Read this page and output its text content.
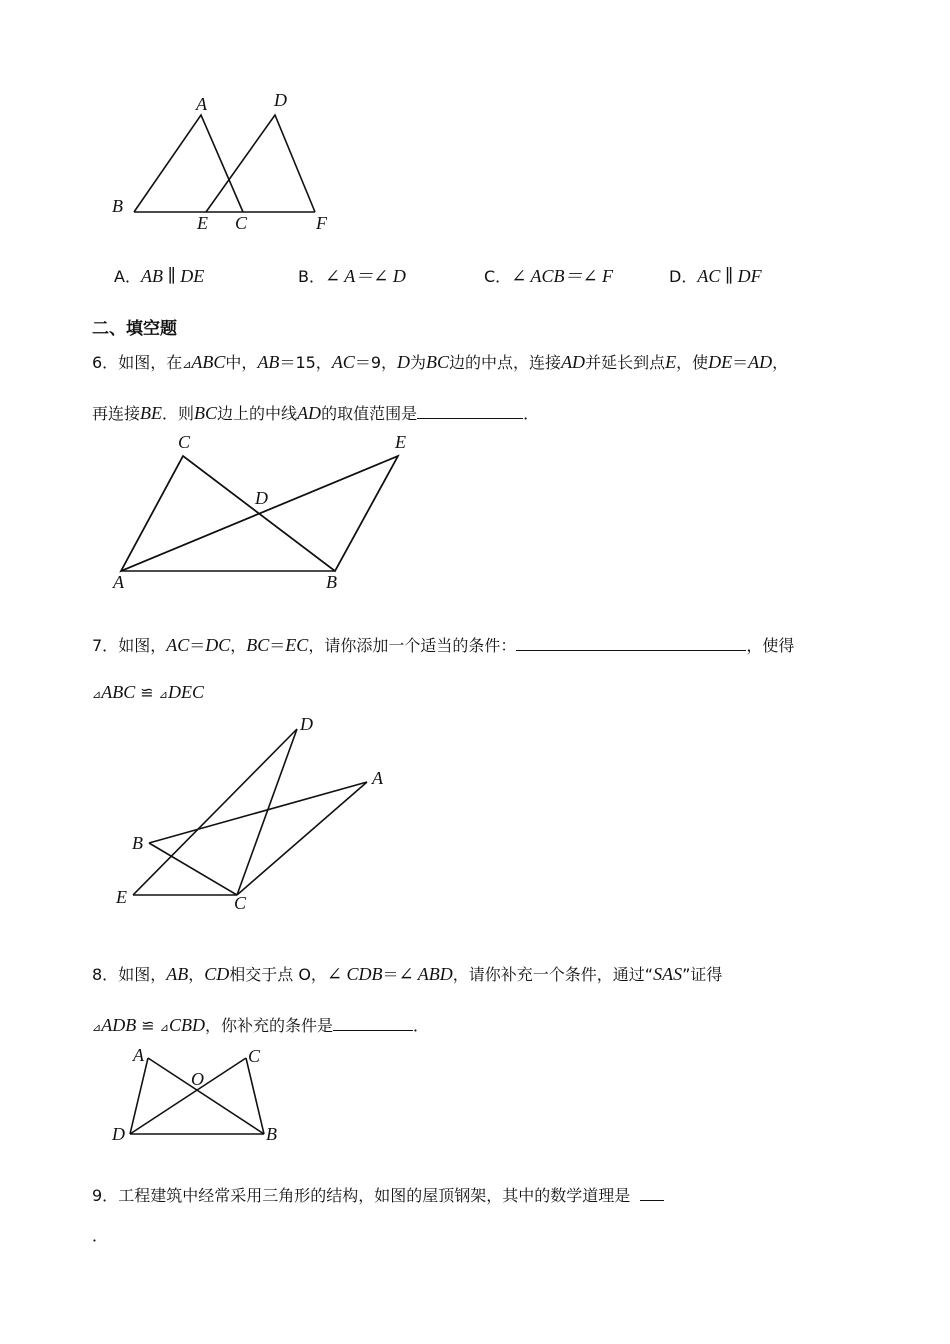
A	D
B
E C	F
A．AB ∥ DE	B．∠ A＝∠ D	C．∠ ACB＝∠ F	D．AC ∥ DF
二、填空题
6．如图，在⊿ABC中，AB＝15，AC＝9，D为BC边的中点，连接AD并延长到点E，使DE＝AD，
再连接BE．则BC边上的中线AD的取值范围是	．
C	E
D
A	B
7．如图，AC＝DC，BC＝EC，请你添加一个适当的条件：	，使得
⊿ABC ≌ ⊿DEC
D
A
B
E	C
8．如图，AB，CD相交于点 O，∠ CDB＝∠ ABD，请你补充一个条件，通过“SAS”证得
⊿ADB ≌ ⊿CBD，你补充的条件是	．
A	C
O
D	B
9．工程建筑中经常采用三角形的结构，如图的屋顶钢架，其中的数学道理是
．
